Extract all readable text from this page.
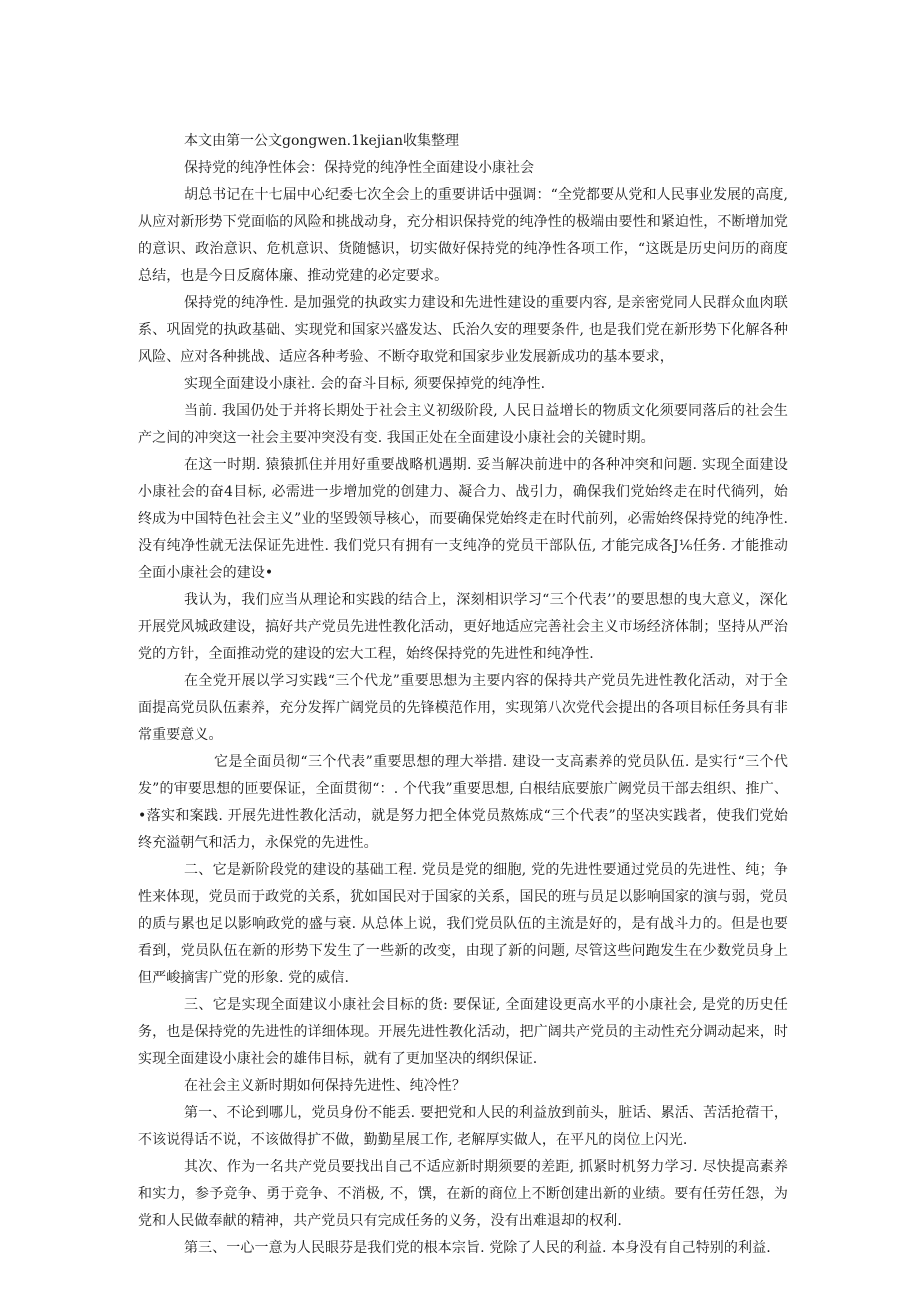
本文由第一公文gongwen.1kejian收集整理
保持党的纯净性体会：保持党的纯净性全面建设小康社会

胡总书记在十七届中心纪委七次全会上的重要讲话中强调：“全党都要从党和人民事业发展的高度,从应对新形势下党面临的风险和挑战动身，充分相识保持党的纯净性的极端由要性和紧迫性，不断增加党的意识、政治意识、危机意识、货随憾识，切实做好保持党的纯净性各项工作，“这既是历史问历的商度总结，也是今日反腐体廉、推动党建的必定要求。

保持党的纯净性. 是加强党的执政实力建设和先进性建设的重要内容, 是亲密党同人民群众血肉联系、巩固党的执政基础、实现党和国家兴盛发达、氏治久安的理要条件, 也是我们党在新形势下化解各种风险、应对各种挑战、适应各种考验、不断夺取党和国家步业发展新成功的基本要求，

实现全面建设小康社. 会的奋斗目标, 须要保掉党的纯净性.

当前. 我国仍处于并将长期处于社会主义初级阶段, 人民日益增长的物质文化须要同落后的社会生产之间的冲突这一社会主要冲突没有变. 我国正处在全面建设小康社会的关键时期。

在这一时期. 猿猿抓住并用好重要战略机遇期. 妥当解决前进中的各种冲突和问题. 实现全面建设小康社会的奋4目标, 必需进一步增加党的创建力、凝合力、战引力，确保我们党始终走在时代徜列，始终成为中国特色社会主义”业的坚毁领导核心，而要确保党始终走在时代前列，必需始终保持党的纯净性. 没有纯净性就无法保证先进性. 我们党只有拥有一支纯净的党员干部队伍, 才能完成各J⅙任务. 才能推动全面小康社会的建设•

我认为，我们应当从理论和实践的结合上，深刻相识学习“三个代表’’的要思想的曳大意义，深化开展党风城政建设，搞好共产党员先进性教化活动，更好地适应完善社会主义市场经济体制；坚持从严治党的方针，全面推动党的建设的宏大工程，始终保持党的先进性和纯净性.

在全党开展以学习实践“三个代龙”重要思想为主要内容的保持共产党员先进性教化活动，对于全面提高党员队伍素养，充分发挥广阔党员的先锋模范作用，实现第八次党代会提出的各项目标任务具有非常重要意义。

它是全面员彻“三个代表”重要思想的理大举措. 建设一支高素养的党员队伍. 是实行“三个代发”的审要思想的匝要保证，全面贯彻“：. 个代我”重要思想, 白根结底要旅广阙党员干部去组织、推广、•落实和案践. 开展先进性教化活动，就是努力把全体党员熬炼成“三个代表”的坚决实践者，使我们党始终充溢朝气和活力，永保党的先进性。

二、它是新阶段党的建设的基础工程. 党员是党的细胞, 党的先进性要通过党员的先进性、纯；争性来体现，党员而于政党的关系，犹如国民对于国家的关系，国民的班与员足以影响国家的演与弱，党员的质与累也足以影响政党的盛与衰. 从总体上说，我们党员队伍的主流是好的，是有战斗力的。但是也要看到，党员队伍在新的形势下发生了一些新的改变，由现了新的问题, 尽管这些问跑发生在少数党员身上但严峻摘害广党的形象. 党的威信.

三、它是实现全面建议小康社会目标的货: 要保证, 全面建设更高水平的小康社会, 是党的历史任务，也是保持党的先进性的详细体现。开展先进性教化活动，把广阔共产党员的主动性充分调动起来，时实现全面建设小康社会的雄伟目标，就有了更加坚决的纲织保证.

在社会主义新时期如何保持先进性、纯冷性？

第一、不论到哪儿，党员身份不能丢. 要把党和人民的利益放到前头，脏话、累活、苦活抢蓿干，不该说得话不说，不该做得扩不做，勤勤星展工作, 老解厚实做人，在平凡的岗位上闪光.

其次、作为一名共产党员要找出自己不适应新时期须要的差距, 抓紧时机努力学习. 尽快提高素养和实力，参予竞争、勇于竞争、不消极, 不，馔，在新的商位上不断创建出新的业绩。要有任劳任怨，为党和人民做奉献的精神，共产党员只有完成任务的义务，没有出难退却的权利.

第三、一心一意为人民眼芬是我们党的根本宗旨. 党除了人民的利益. 本身没有自己特别的利益.
